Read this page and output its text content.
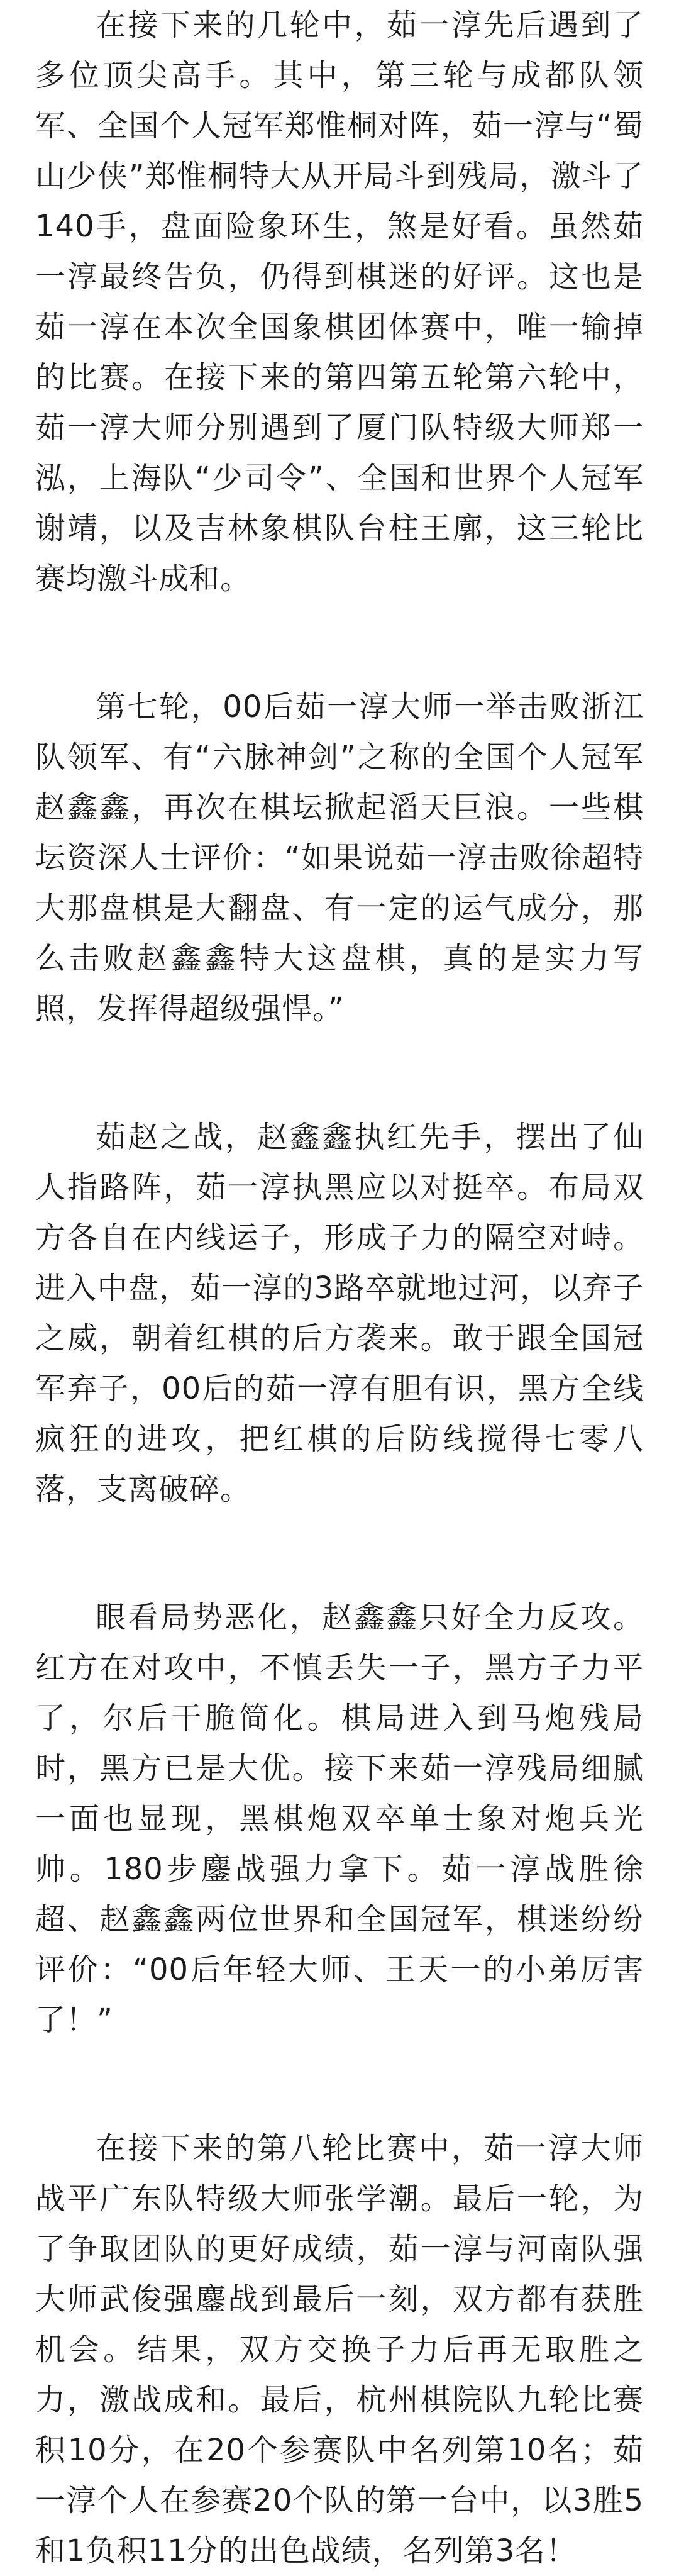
在接下来的几轮中，茹一淳先后遇到了多位顶尖高手。其中，第三轮与成都队领军、全国个人冠军郑惟桐对阵，茹一淳与“蜀山少侠”郑惟桐特大从开局斗到残局，激斗了140手，盘面险象环生，煞是好看。虽然茹一淳最终告负，仍得到棋迷的好评。这也是茹一淳在本次全国象棋团体赛中，唯一输掉的比赛。在接下来的第四第五轮第六轮中，茹一淳大师分别遇到了厦门队特级大师郑一泓，上海队“少司令”、全国和世界个人冠军谢靖，以及吉林象棋队台柱王廓，这三轮比赛均激斗成和。

第七轮，00后茹一淳大师一举击败浙江队领军、有“六脉神剑”之称的全国个人冠军赵鑫鑫，再次在棋坛掀起滔天巨浪。一些棋坛资深人士评价：“如果说茹一淳击败徐超特大那盘棋是大翻盘、有一定的运气成分，那么击败赵鑫鑫特大这盘棋，真的是实力写照，发挥得超级强悍。”

茹赵之战，赵鑫鑫执红先手，摆出了仙人指路阵，茹一淳执黑应以对挺卒。布局双方各自在内线运子，形成子力的隔空对峙。进入中盘，茹一淳的3路卒就地过河，以弃子之威，朝着红棋的后方袭来。敢于跟全国冠军弃子，00后的茹一淳有胆有识，黑方全线疯狂的进攻，把红棋的后防线搅得七零八落，支离破碎。

眼看局势恶化，赵鑫鑫只好全力反攻。红方在对攻中，不慎丢失一子，黑方子力平了，尔后干脆简化。棋局进入到马炮残局时，黑方已是大优。接下来茹一淳残局细腻一面也显现，黑棋炮双卒单士象对炮兵光帅。180步鏖战强力拿下。茹一淳战胜徐超、赵鑫鑫两位世界和全国冠军，棋迷纷纷评价：“00后年轻大师、王天一的小弟厉害了！”

在接下来的第八轮比赛中，茹一淳大师战平广东队特级大师张学潮。最后一轮，为了争取团队的更好成绩，茹一淳与河南队强大师武俊强鏖战到最后一刻，双方都有获胜机会。结果，双方交换子力后再无取胜之力，激战成和。最后，杭州棋院队九轮比赛积10分，在20个参赛队中名列第10名；茹一淳个人在参赛20个队的第一台中，以3胜5和1负积11分的出色战绩，名列第3名！
